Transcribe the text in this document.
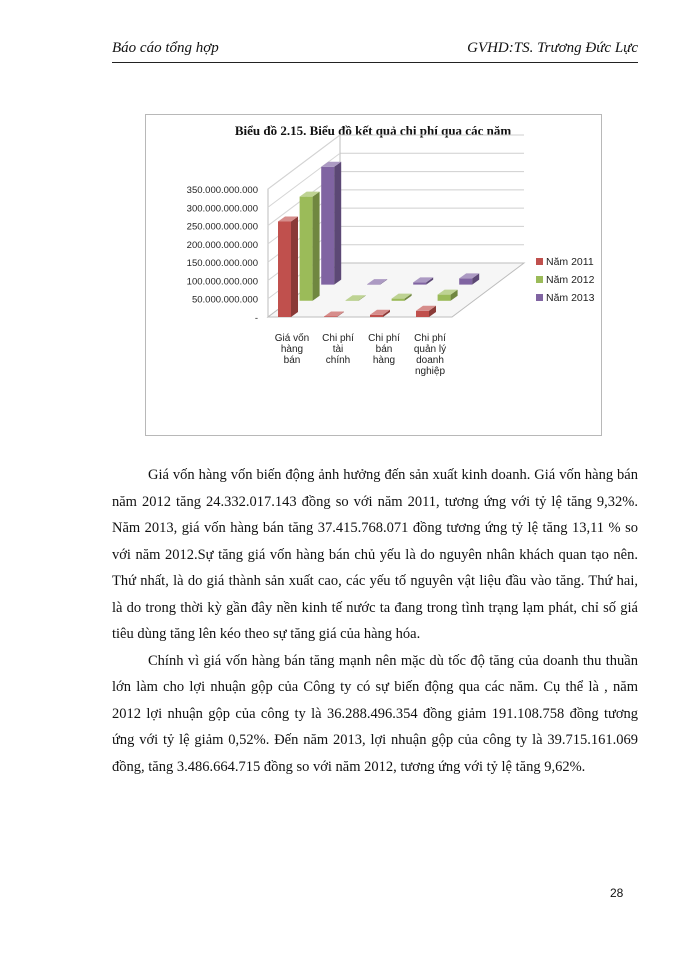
Báo cáo tổng hợp	GVHD:TS. Trương Đức Lực
Biểu đồ 2.15. Biểu đồ kết quả chi phí qua các năm
-
50.000.000.000
100.000.000.000
150.000.000.000
200.000.000.000
250.000.000.000
300.000.000.000
350.000.000.000
Giá vốn hàng bán
Chi phí tài chính
Chi phí bán hàng
Chi phí quản lý doanh nghiệp
Năm 2011
Năm 2012
Năm 2013

Giá vốn hàng vốn biến động ảnh hưởng đến sản xuất kinh doanh. Giá vốn hàng bán năm 2012 tăng 24.332.017.143 đồng so với năm 2011, tương ứng với tỷ lệ tăng 9,32%. Năm 2013, giá vốn hàng bán tăng 37.415.768.071 đồng tương ứng tỷ lệ tăng 13,11 % so với năm 2012.Sự tăng giá vốn hàng bán chủ yếu là do nguyên nhân khách quan tạo nên. Thứ nhất, là do giá thành sản xuất cao, các yếu tố nguyên vật liệu đầu vào tăng. Thứ hai, là do trong thời kỳ gần đây nền kinh tế nước ta đang trong tình trạng lạm phát, chỉ số giá tiêu dùng tăng lên kéo theo sự tăng giá của hàng hóa.

Chính vì giá vốn hàng bán tăng mạnh nên mặc dù tốc độ tăng của doanh thu thuần lớn làm cho lợi nhuận gộp của Công ty có sự biến động qua các năm. Cụ thể là , năm 2012 lợi nhuận gộp của công ty là 36.288.496.354 đồng giảm 191.108.758 đồng tương ứng với tỷ lệ giảm 0,52%. Đến năm 2013, lợi nhuận gộp của công ty là 39.715.161.069 đồng, tăng 3.486.664.715 đồng so với năm 2012, tương ứng với tỷ lệ tăng 9,62%.

28
